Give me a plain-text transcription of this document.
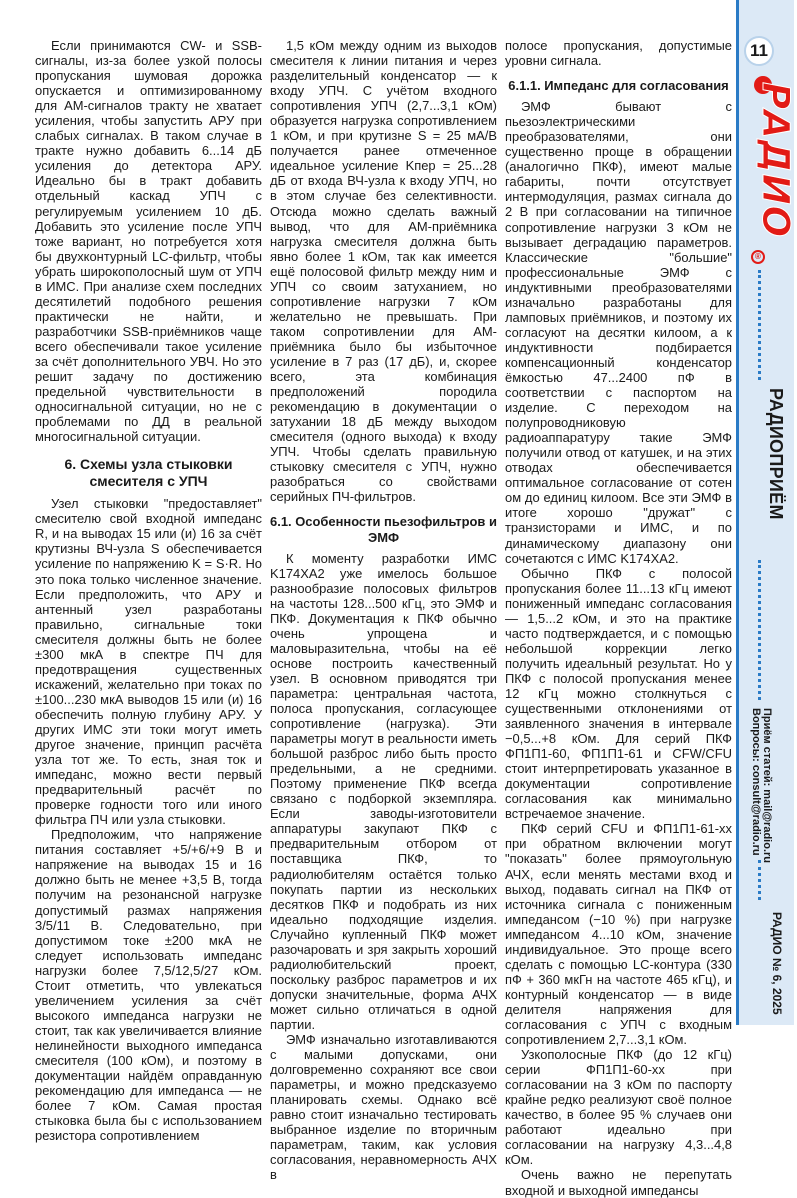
Если принимаются CW- и SSB-сигналы, из-за более узкой полосы пропускания шумовая дорожка опускается и оптимизированному для АМ-сигналов тракту не хватает усиления, чтобы запустить АРУ при слабых сигналах. В таком случае в тракте нужно добавить 6...14 дБ усиления до детектора АРУ. Идеально бы в тракт добавить отдельный каскад УПЧ с регулируемым усилением 10 дБ. Добавить это усиление после УПЧ тоже вариант, но потребуется хотя бы двухконтурный LC-фильтр, чтобы убрать широкополосный шум от УПЧ в ИМС. При анализе схем последних десятилетий подобного решения практически не найти, и разработчики SSB-приёмников чаще всего обеспечивали такое усиление за счёт дополнительного УВЧ. Но это решит задачу по достижению предельной чувствительности в односигнальной ситуации, но не с проблемами по ДД в реальной многосигнальной ситуации.

6. Схемы узла стыковки смесителя с УПЧ

Узел стыковки "предоставляет" смесителю свой входной импеданс R, и на выводах 15 или (и) 16 за счёт крутизны ВЧ-узла S обеспечивается усиление по напряжению K = S·R. Но это пока только численное значение. Если предположить, что АРУ и антенный узел разработаны правильно, сигнальные токи смесителя должны быть не более ±300 мкА в спектре ПЧ для предотвращения существенных искажений, желательно при токах по ±100...230 мкА выводов 15 или (и) 16 обеспечить полную глубину АРУ. У других ИМС эти токи могут иметь другое значение, принцип расчёта узла тот же. То есть, зная ток и импеданс, можно вести первый предварительный расчёт по проверке годности того или иного фильтра ПЧ или узла стыковки.

Предположим, что напряжение питания составляет +5/+6/+9 В и напряжение на выводах 15 и 16 должно быть не менее +3,5 В, тогда получим на резонансной нагрузке допустимый размах напряжения 3/5/11 В. Следовательно, при допустимом токе ±200 мкА не следует использовать импеданс нагрузки более 7,5/12,5/27 кОм. Стоит отметить, что увлекаться увеличением усиления за счёт высокого импеданса нагрузки не стоит, так как увеличивается влияние нелинейности выходного импеданса смесителя (100 кОм), и поэтому в документации найдём оправданную рекомендацию для импеданса — не более 7 кОм. Самая простая стыковка была бы с использованием резистора сопротивлением

1,5 кОм между одним из выходов смесителя к линии питания и через разделительный конденсатор — к входу УПЧ. С учётом входного сопротивления УПЧ (2,7...3,1 кОм) образуется нагрузка сопротивлением 1 кОм, и при крутизне S = 25 мА/В получается ранее отмеченное идеальное усиление Kпер = 25...28 дБ от входа ВЧ-узла к входу УПЧ, но в этом случае без селективности. Отсюда можно сделать важный вывод, что для АМ-приёмника нагрузка смесителя должна быть явно более 1 кОм, так как имеется ещё полосовой фильтр между ним и УПЧ со своим затуханием, но сопротивление нагрузки 7 кОм желательно не превышать. При таком сопротивлении для АМ-приёмника было бы избыточное усиление в 7 раз (17 дБ), и, скорее всего, эта комбинация предположений породила рекомендацию в документации о затухании 18 дБ между выходом смесителя (одного выхода) к входу УПЧ. Чтобы сделать правильную стыковку смесителя с УПЧ, нужно разобраться со свойствами серийных ПЧ-фильтров.

6.1. Особенности пьезофильтров и ЭМФ

К моменту разработки ИМС K174XA2 уже имелось большое разнообразие полосовых фильтров на частоты 128...500 кГц, это ЭМФ и ПКФ. Документация к ПКФ обычно очень упрощена и маловыразительна, чтобы на её основе построить качественный узел. В основном приводятся три параметра: центральная частота, полоса пропускания, согласующее сопротивление (нагрузка). Эти параметры могут в реальности иметь большой разброс либо быть просто предельными, а не средними. Поэтому применение ПКФ всегда связано с подборкой экземпляра. Если заводы-изготовители аппаратуры закупают ПКФ с предварительным отбором от поставщика ПКФ, то радиолюбителям остаётся только покупать партии из нескольких десятков ПКФ и подобрать из них идеально подходящие изделия. Случайно купленный ПКФ может разочаровать и зря закрыть хороший радиолюбительский проект, поскольку разброс параметров и их допуски значительные, форма АЧХ может сильно отличаться в одной партии.

ЭМФ изначально изготавливаются с малыми допусками, они долговременно сохраняют все свои параметры, и можно предсказуемо планировать схемы. Однако всё равно стоит изначально тестировать выбранное изделие по вторичным параметрам, таким, как условия согласования, неравномерность АЧХ в

полосе пропускания, допустимые уровни сигнала.

6.1.1. Импеданс для согласования

ЭМФ бывают с пьезоэлектрическими преобразователями, они существенно проще в обращении (аналогично ПКФ), имеют малые габариты, почти отсутствует интермодуляция, размах сигнала до 2 В при согласовании на типичное сопротивление нагрузки 3 кОм не вызывает деградацию параметров. Классические "большие" профессиональные ЭМФ с индуктивными преобразователями изначально разработаны для ламповых приёмников, и поэтому их согласуют на десятки килоом, а к индуктивности подбирается компенсационный конденсатор ёмкостью 47...2400 пФ в соответствии с паспортом на изделие. С переходом на полупроводниковую радиоаппаратуру такие ЭМФ получили отвод от катушек, и на этих отводах обеспечивается оптимальное согласование от сотен ом до единиц килоом. Все эти ЭМФ в итоге хорошо "дружат" с транзисторами и ИМС, и по динамическому диапазону они сочетаются с ИМС K174XA2.

Обычно ПКФ с полосой пропускания более 11...13 кГц имеют пониженный импеданс согласования — 1,5...2 кОм, и это на практике часто подтверждается, и с помощью небольшой коррекции легко получить идеальный результат. Но у ПКФ с полосой пропускания менее 12 кГц можно столкнуться с существенными отклонениями от заявленного значения в интервале −0,5...+8 кОм. Для серий ПКФ ФП1П1-60, ФП1П1-61 и CFW/CFU стоит интерпретировать указанное в документации сопротивление согласования как минимально встречаемое значение.

ПКФ серий CFU и ФП1П1-61-хх при обратном включении могут "показать" более прямоугольную АЧХ, если менять местами вход и выход, подавать сигнал на ПКФ от источника сигнала с пониженным импедансом (−10 %) при нагрузке импедансом 4...10 кОм, значение индивидуальное. Это проще всего сделать с помощью LC-контура (330 пФ + 360 мкГн на частоте 465 кГц), и контурный конденсатор — в виде делителя напряжения для согласования с УПЧ с входным сопротивлением 2,7...3,1 кОм.

Узкополосные ПКФ (до 12 кГц) серии ФП1П1-60-хх при согласовании на 3 кОм по паспорту крайне редко реализуют своё полное качество, в более 95 % случаев они работают идеально при согласовании на нагрузку 4,3...4,8 кОм.

Очень важно не перепутать входной и выходной импедансы

11
РАДИО
®
РАДИОПРИЁМ
Приём статей: mail@radio.ru
Вопросы: consult@radio.ru
РАДИО № 6, 2025
